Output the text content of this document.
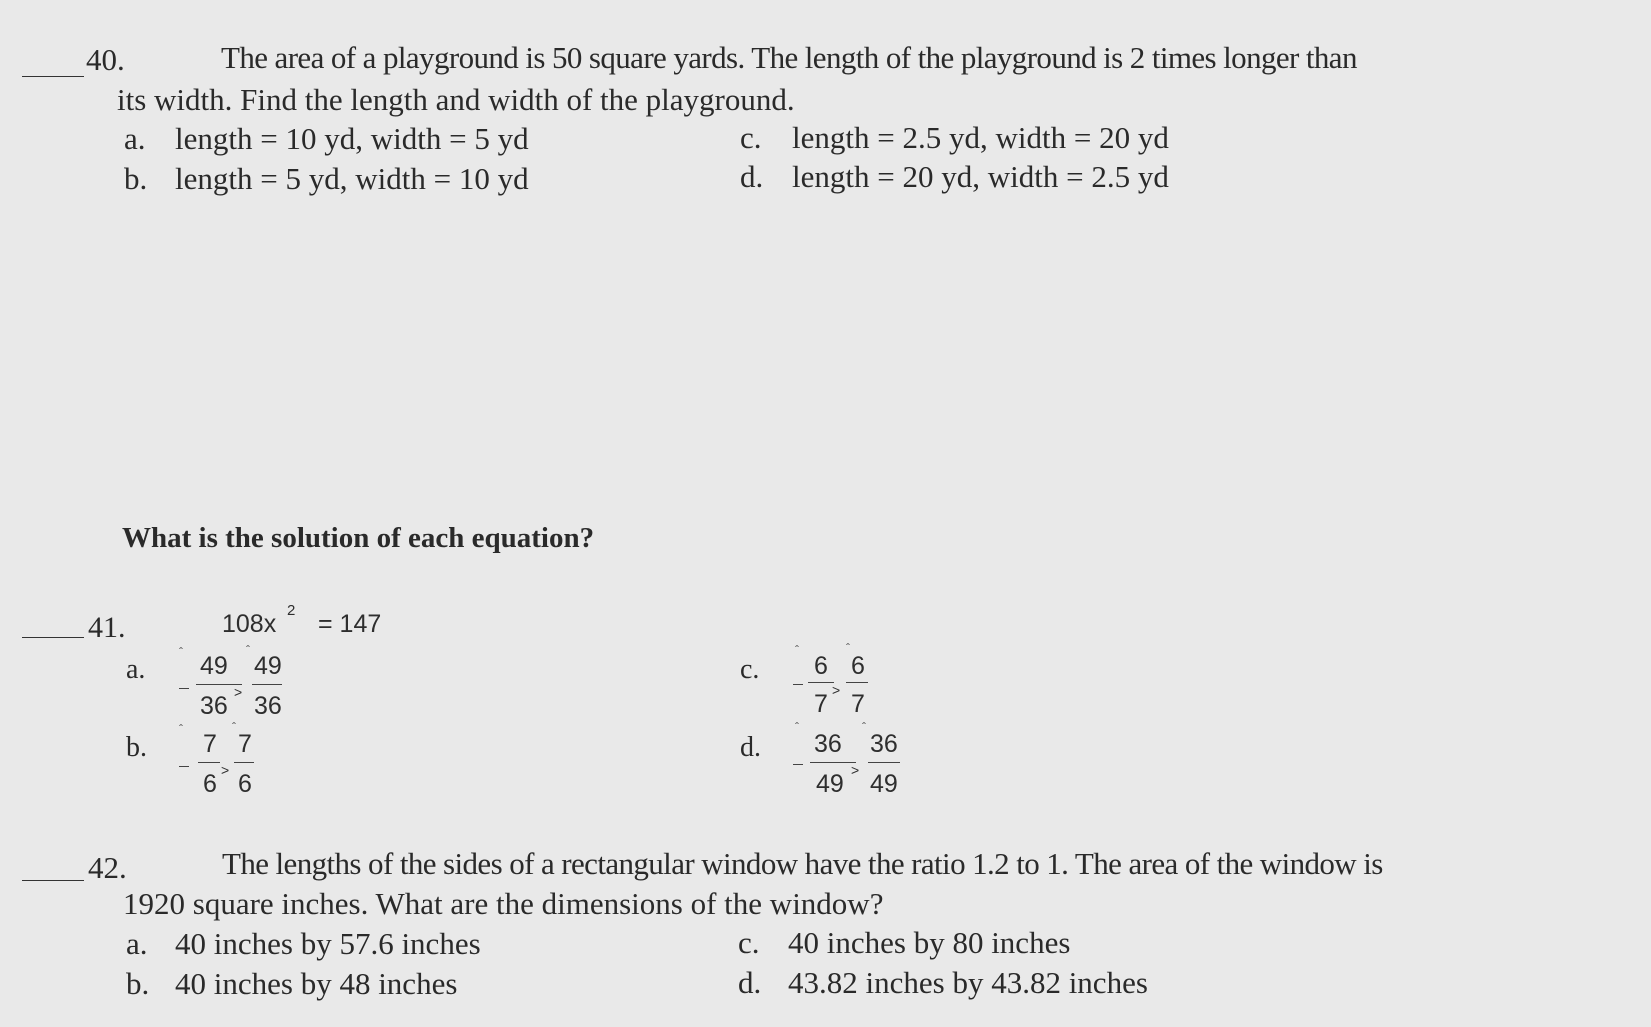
40.	The area of a playground is 50 square yards. The length of the playground is 2 times longer than
its width. Find the length and width of the playground.
a. length = 10 yd, width = 5 yd
b. length = 5 yd, width = 10 yd
c. length = 2.5 yd, width = 20 yd
d. length = 20 yd, width = 2.5 yd
What is the solution of each equation?
41.	108x 2 = 147
a.
ˆ 49
ˆ
49
36 ˃ 36
b.
ˆ
7
ˆ
7
6 ˃ 6
c.
ˆ
6
ˆ
6
7 ˃ 7
d.
ˆ
36
ˆ
36
49 ˃ 49
42.	The lengths of the sides of a rectangular window have the ratio 1.2 to 1. The area of the window is
1920 square inches. What are the dimensions of the window?
a. 40 inches by 57.6 inches
b. 40 inches by 48 inches
c. 40 inches by 80 inches
d. 43.82 inches by 43.82 inches
